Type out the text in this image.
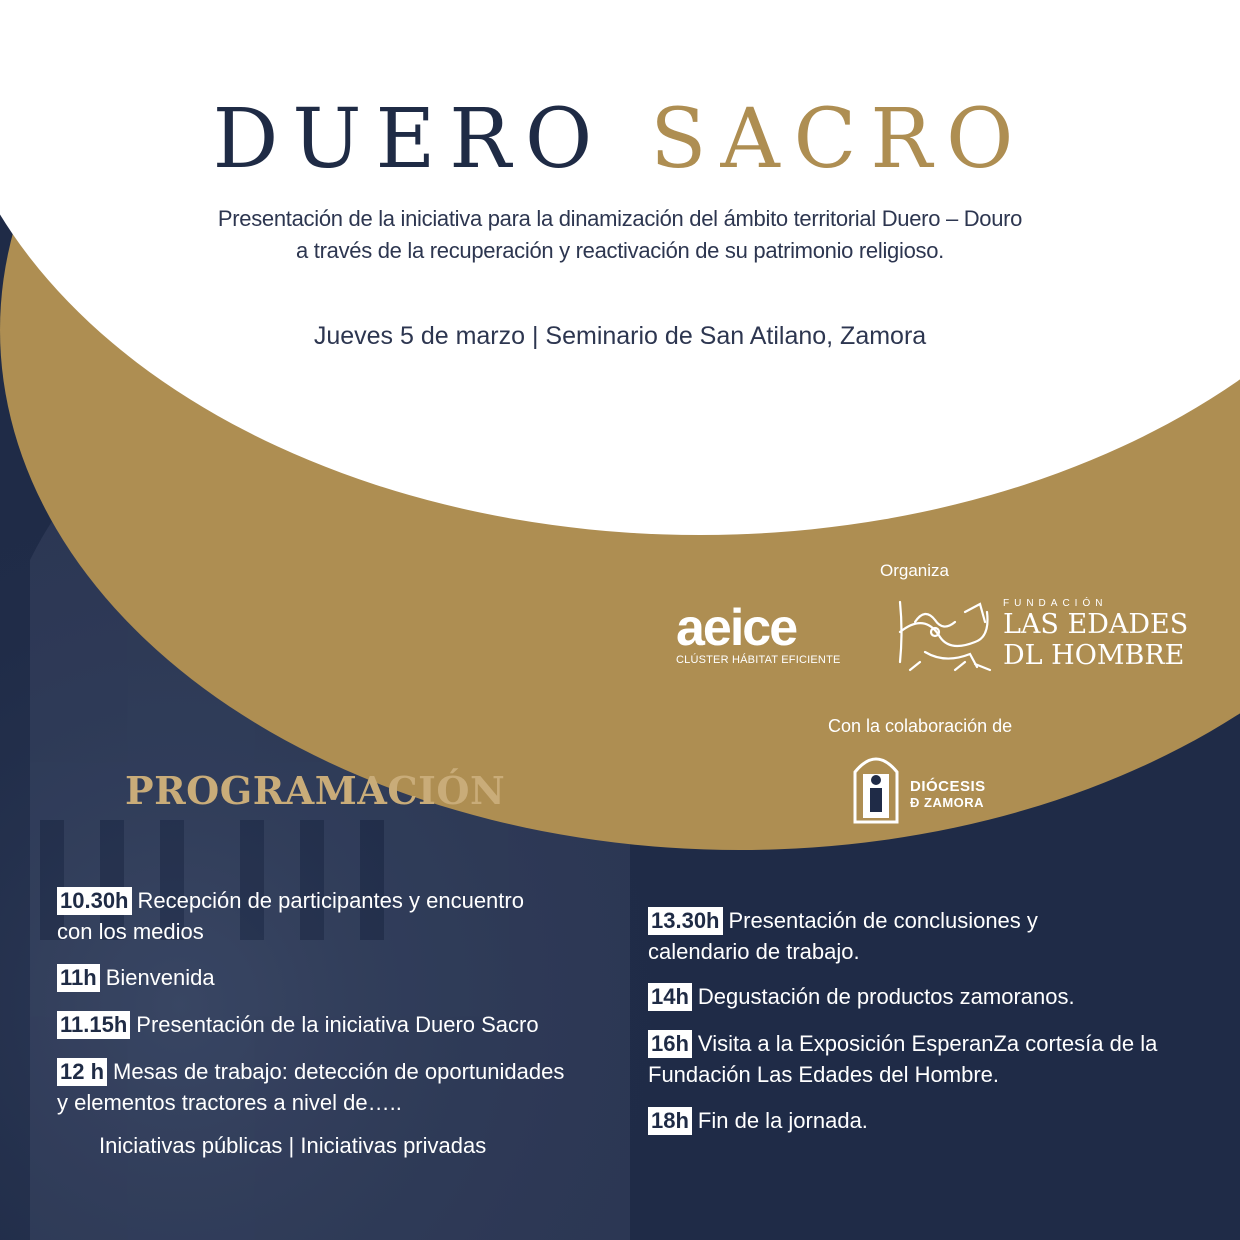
DUERO SACRO
Presentación de la iniciativa para la dinamización del ámbito territorial Duero – Douro
a través de la recuperación y reactivación de su patrimonio religioso.
Jueves 5 de marzo | Seminario de San Atilano, Zamora
Organiza
aeice
CLÚSTER HÁBITAT EFICIENTE
FUNDACIÓN
LAS EDADES
DL HOMBRE
Con la colaboración de
DIÓCESIS
Ð ZAMORA
PROGRAMACIÓN
10.30h Recepción de participantes y encuentro
con los medios
11h Bienvenida
11.15h Presentación de la iniciativa Duero Sacro
12 h Mesas de trabajo: detección de oportunidades
y elementos tractores a nivel de…..
Iniciativas públicas | Iniciativas privadas
13.30h Presentación de conclusiones y
calendario de trabajo.
14h Degustación de productos zamoranos.
16h Visita a la Exposición EsperanZa cortesía de la
Fundación Las Edades del Hombre.
18h Fin de la jornada.
